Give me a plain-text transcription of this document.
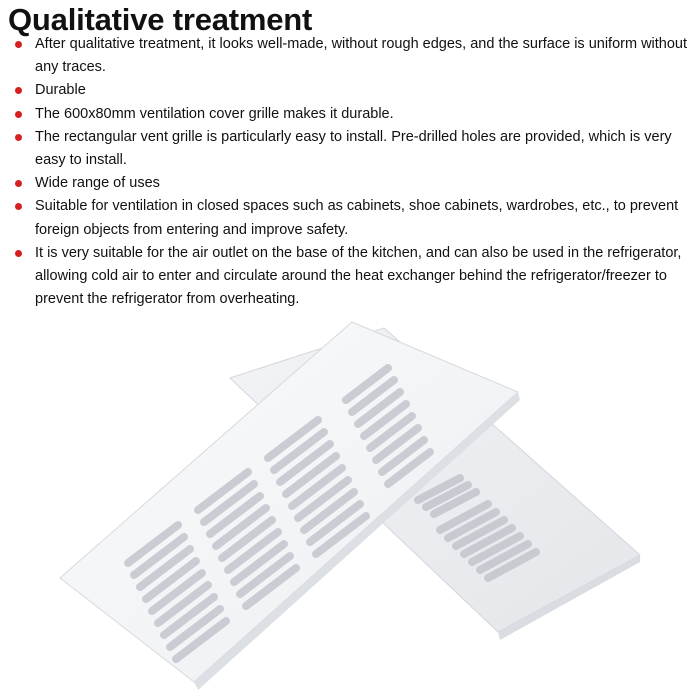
Qualitative treatment
After qualitative treatment, it looks well-made, without rough edges, and the surface is uniform without any traces.
Durable
The 600x80mm ventilation cover grille makes it durable.
The rectangular vent grille is particularly easy to install. Pre-drilled holes are provided, which is very easy to install.
Wide range of uses
Suitable for ventilation in closed spaces such as cabinets, shoe cabinets, wardrobes, etc., to prevent foreign objects from entering and improve safety.
It is very suitable for the air outlet on the base of the kitchen, and can also be used in the refrigerator, allowing cold air to enter and circulate around the heat exchanger behind the refrigerator/freezer to prevent the refrigerator from overheating.
